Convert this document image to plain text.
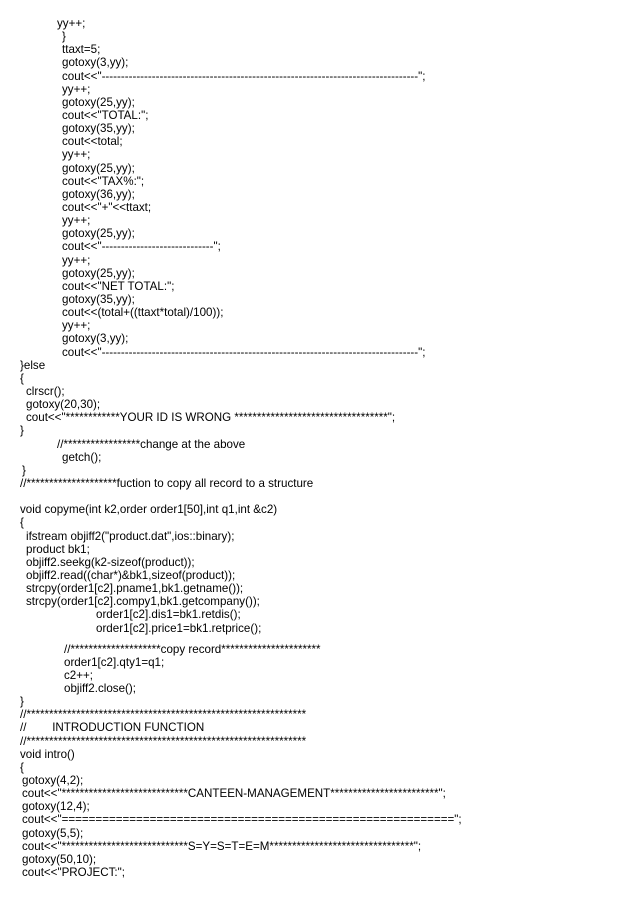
yy++;
}
ttaxt=5;
gotoxy(3,yy);
cout<<"----------------------------------------------------------------------------------";
yy++;
gotoxy(25,yy);
cout<<"TOTAL:";
gotoxy(35,yy);
cout<<total;
yy++;
gotoxy(25,yy);
cout<<"TAX%:";
gotoxy(36,yy);
cout<<"+"<<ttaxt;
yy++;
gotoxy(25,yy);
cout<<"-----------------------------";
yy++;
gotoxy(25,yy);
cout<<"NET TOTAL:";
gotoxy(35,yy);
cout<<(total+((ttaxt*total)/100));
yy++;
gotoxy(3,yy);
cout<<"----------------------------------------------------------------------------------";
}else
{
clrscr();
gotoxy(20,30);
cout<<"************YOUR ID IS WRONG **********************************";
}
//*****************change at the above
getch();
}
//********************fuction to copy all record to a structure
void copyme(int k2,order order1[50],int q1,int &c2)
{
ifstream objiff2("product.dat",ios::binary);
product bk1;
objiff2.seekg(k2-sizeof(product));
objiff2.read((char*)&bk1,sizeof(product));
strcpy(order1[c2].pname1,bk1.getname());
strcpy(order1[c2].compy1,bk1.getcompany());
order1[c2].dis1=bk1.retdis();
order1[c2].price1=bk1.retprice();
//********************copy record**********************
order1[c2].qty1=q1;
c2++;
objiff2.close();
}
//**************************************************************
//        INTRODUCTION FUNCTION
//**************************************************************
void intro()
{
gotoxy(4,2);
cout<<"****************************CANTEEN-MANAGEMENT************************";
gotoxy(12,4);
cout<<"==========================================================";
gotoxy(5,5);
cout<<"****************************S=Y=S=T=E=M********************************";
gotoxy(50,10);
cout<<"PROJECT:";
